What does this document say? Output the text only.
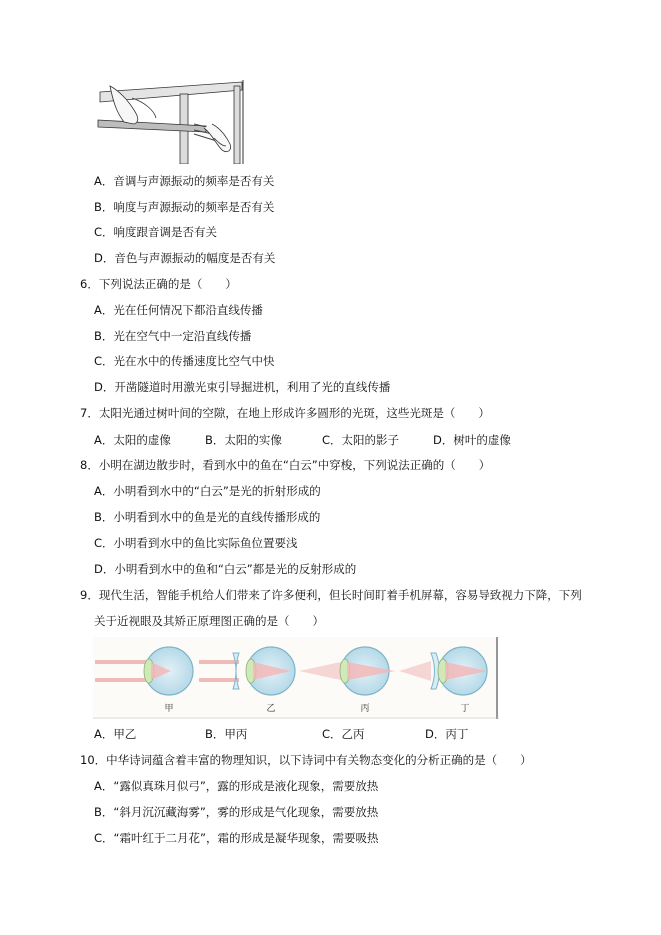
A．音调与声源振动的频率是否有关
B．响度与声源振动的频率是否有关
C．响度跟音调是否有关
D．音色与声源振动的幅度是否有关
6．下列说法正确的是（　　）
A．光在任何情况下都沿直线传播
B．光在空气中一定沿直线传播
C．光在水中的传播速度比空气中快
D．开凿隧道时用激光束引导掘进机，利用了光的直线传播
7．太阳光通过树叶间的空隙，在地上形成许多圆形的光斑，这些光斑是（　　）
A．太阳的虚像	B．太阳的实像	C．太阳的影子	D．树叶的虚像
8．小明在湖边散步时，看到水中的鱼在“白云”中穿梭，下列说法正确的（　　）
A．小明看到水中的“白云”是光的折射形成的
B．小明看到水中的鱼是光的直线传播形成的
C．小明看到水中的鱼比实际鱼位置要浅
D．小明看到水中的鱼和“白云”都是光的反射形成的
9．现代生活，智能手机给人们带来了许多便利，但长时间盯着手机屏幕，容易导致视力下降，下列
关于近视眼及其矫正原理图正确的是（　　）
甲	乙	丙	丁
A．甲乙	B．甲丙	C．乙丙	D．丙丁
10．中华诗词蕴含着丰富的物理知识，以下诗词中有关物态变化的分析正确的是（　　）
A．“露似真珠月似弓”，露的形成是液化现象，需要放热
B．“斜月沉沉藏海雾”，雾的形成是气化现象，需要放热
C．“霜叶红于二月花”，霜的形成是凝华现象，需要吸热
